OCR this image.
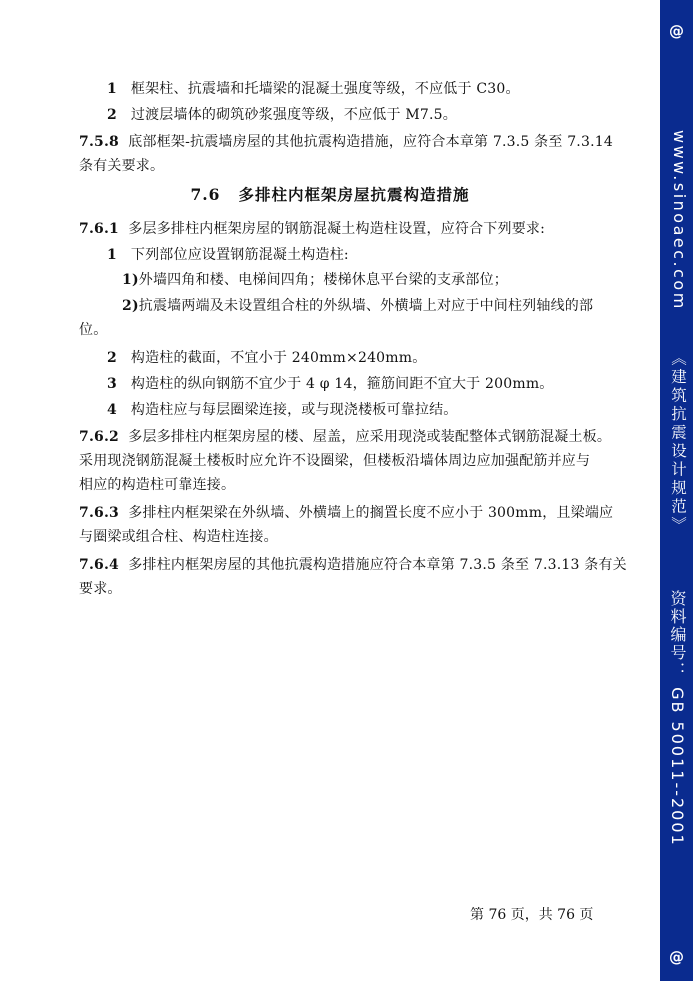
1 框架柱、抗震墙和托墙梁的混凝土强度等级，不应低于 C30。
2 过渡层墙体的砌筑砂浆强度等级，不应低于 M7.5。
7.5.8 底部框架-抗震墙房屋的其他抗震构造措施，应符合本章第 7.3.5 条至 7.3.14
条有关要求。
7.6 多排柱内框架房屋抗震构造措施
7.6.1 多层多排柱内框架房屋的钢筋混凝土构造柱设置，应符合下列要求:
1 下列部位应设置钢筋混凝土构造柱:
1)外墙四角和楼、电梯间四角；楼梯休息平台梁的支承部位；
2)抗震墙两端及未设置组合柱的外纵墙、外横墙上对应于中间柱列轴线的部
位。
2 构造柱的截面，不宜小于 240mm×240mm。
3 构造柱的纵向钢筋不宜少于 4 φ 14，箍筋间距不宜大于 200mm。
4 构造柱应与每层圈梁连接，或与现浇楼板可靠拉结。
7.6.2 多层多排柱内框架房屋的楼、屋盖，应采用现浇或装配整体式钢筋混凝土板。
采用现浇钢筋混凝土楼板时应允许不设圈梁，但楼板沿墙体周边应加强配筋并应与
相应的构造柱可靠连接。
7.6.3 多排柱内框架梁在外纵墙、外横墙上的搁置长度不应小于 300mm，且梁端应
与圈梁或组合柱、构造柱连接。
7.6.4 多排柱内框架房屋的其他抗震构造措施应符合本章第 7.3.5 条至 7.3.13 条有关
要求。
第 76 页，共 76 页
@
www.sinoaec.com
《建筑抗震设计规范》
资料编号： GB 50011--2001
@
